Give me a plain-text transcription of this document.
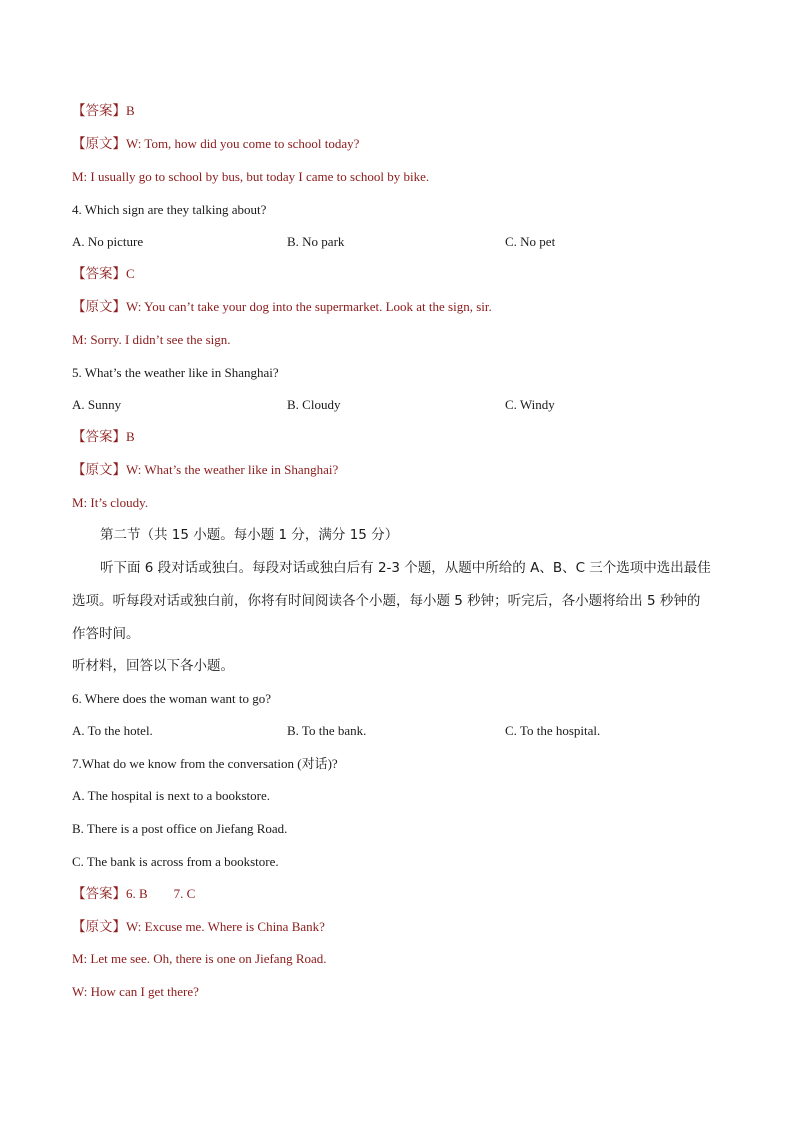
【答案】B
【原文】W: Tom, how did you come to school today?
M: I usually go to school by bus, but today I came to school by bike.
4. Which sign are they talking about?
A. No picture	B. No park	C. No pet
【答案】C
【原文】W: You can’t take your dog into the supermarket. Look at the sign, sir.
M: Sorry. I didn’t see the sign.
5. What’s the weather like in Shanghai?
A. Sunny	B. Cloudy	C. Windy
【答案】B
【原文】W: What’s the weather like in Shanghai?
M: It’s cloudy.
第二节（共 15 小题。每小题 1 分，满分 15 分）
听下面 6 段对话或独白。每段对话或独白后有 2-3 个题，从题中所给的 A、B、C 三个选项中选出最佳
选项。听每段对话或独白前，你将有时间阅读各个小题，每小题 5 秒钟；听完后，各小题将给出 5 秒钟的
作答时间。
听材料，回答以下各小题。
6. Where does the woman want to go?
A. To the hotel.	B. To the bank.	C. To the hospital.
7.What do we know from the conversation (对话)?
A. The hospital is next to a bookstore.
B. There is a post office on Jiefang Road.
C. The bank is across from a bookstore.
【答案】6. B        7. C
【原文】W: Excuse me. Where is China Bank?
M: Let me see. Oh, there is one on Jiefang Road.
W: How can I get there?
